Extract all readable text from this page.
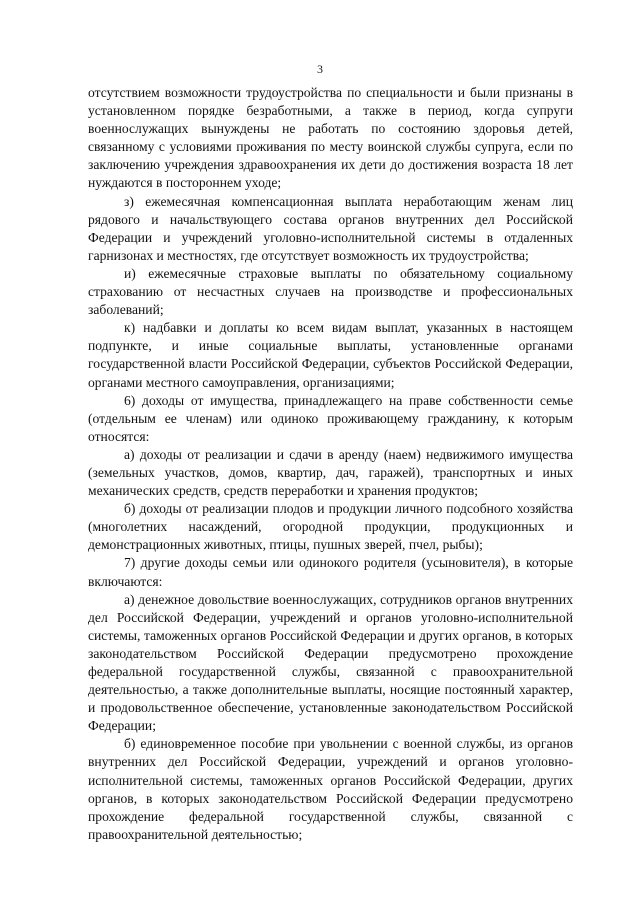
3

отсутствием возможности трудоустройства по специальности и были признаны в установленном порядке безработными, а также в период, когда супруги военнослужащих вынуждены не работать по состоянию здоровья детей, связанному с условиями проживания по месту воинской службы супруга, если по заключению учреждения здравоохранения их дети до достижения возраста 18 лет нуждаются в постороннем уходе;

з) ежемесячная компенсационная выплата неработающим женам лиц рядового и начальствующего состава органов внутренних дел Российской Федерации и учреждений уголовно-исполнительной системы в отдаленных гарнизонах и местностях, где отсутствует возможность их трудоустройства;

и) ежемесячные страховые выплаты по обязательному социальному страхованию от несчастных случаев на производстве и профессиональных заболеваний;

к) надбавки и доплаты ко всем видам выплат, указанных в настоящем подпункте, и иные социальные выплаты, установленные органами государственной власти Российской Федерации, субъектов Российской Федерации, органами местного самоуправления, организациями;

6) доходы от имущества, принадлежащего на праве собственности семье (отдельным ее членам) или одиноко проживающему гражданину, к которым относятся:

а) доходы от реализации и сдачи в аренду (наем) недвижимого имущества (земельных участков, домов, квартир, дач, гаражей), транспортных и иных механических средств, средств переработки и хранения продуктов;

б) доходы от реализации плодов и продукции личного подсобного хозяйства (многолетних насаждений, огородной продукции, продукционных и демонстрационных животных, птицы, пушных зверей, пчел, рыбы);

7) другие доходы семьи или одинокого родителя (усыновителя), в которые включаются:

а) денежное довольствие военнослужащих, сотрудников органов внутренних дел Российской Федерации, учреждений и органов уголовно-исполнительной системы, таможенных органов Российской Федерации и других органов, в которых законодательством Российской Федерации предусмотрено прохождение федеральной государственной службы, связанной с правоохранительной деятельностью, а также дополнительные выплаты, носящие постоянный характер, и продовольственное обеспечение, установленные законодательством Российской Федерации;

б) единовременное пособие при увольнении с военной службы, из органов внутренних дел Российской Федерации, учреждений и органов уголовно-исполнительной системы, таможенных органов Российской Федерации, других органов, в которых законодательством Российской Федерации предусмотрено прохождение федеральной государственной службы, связанной с правоохранительной деятельностью;
